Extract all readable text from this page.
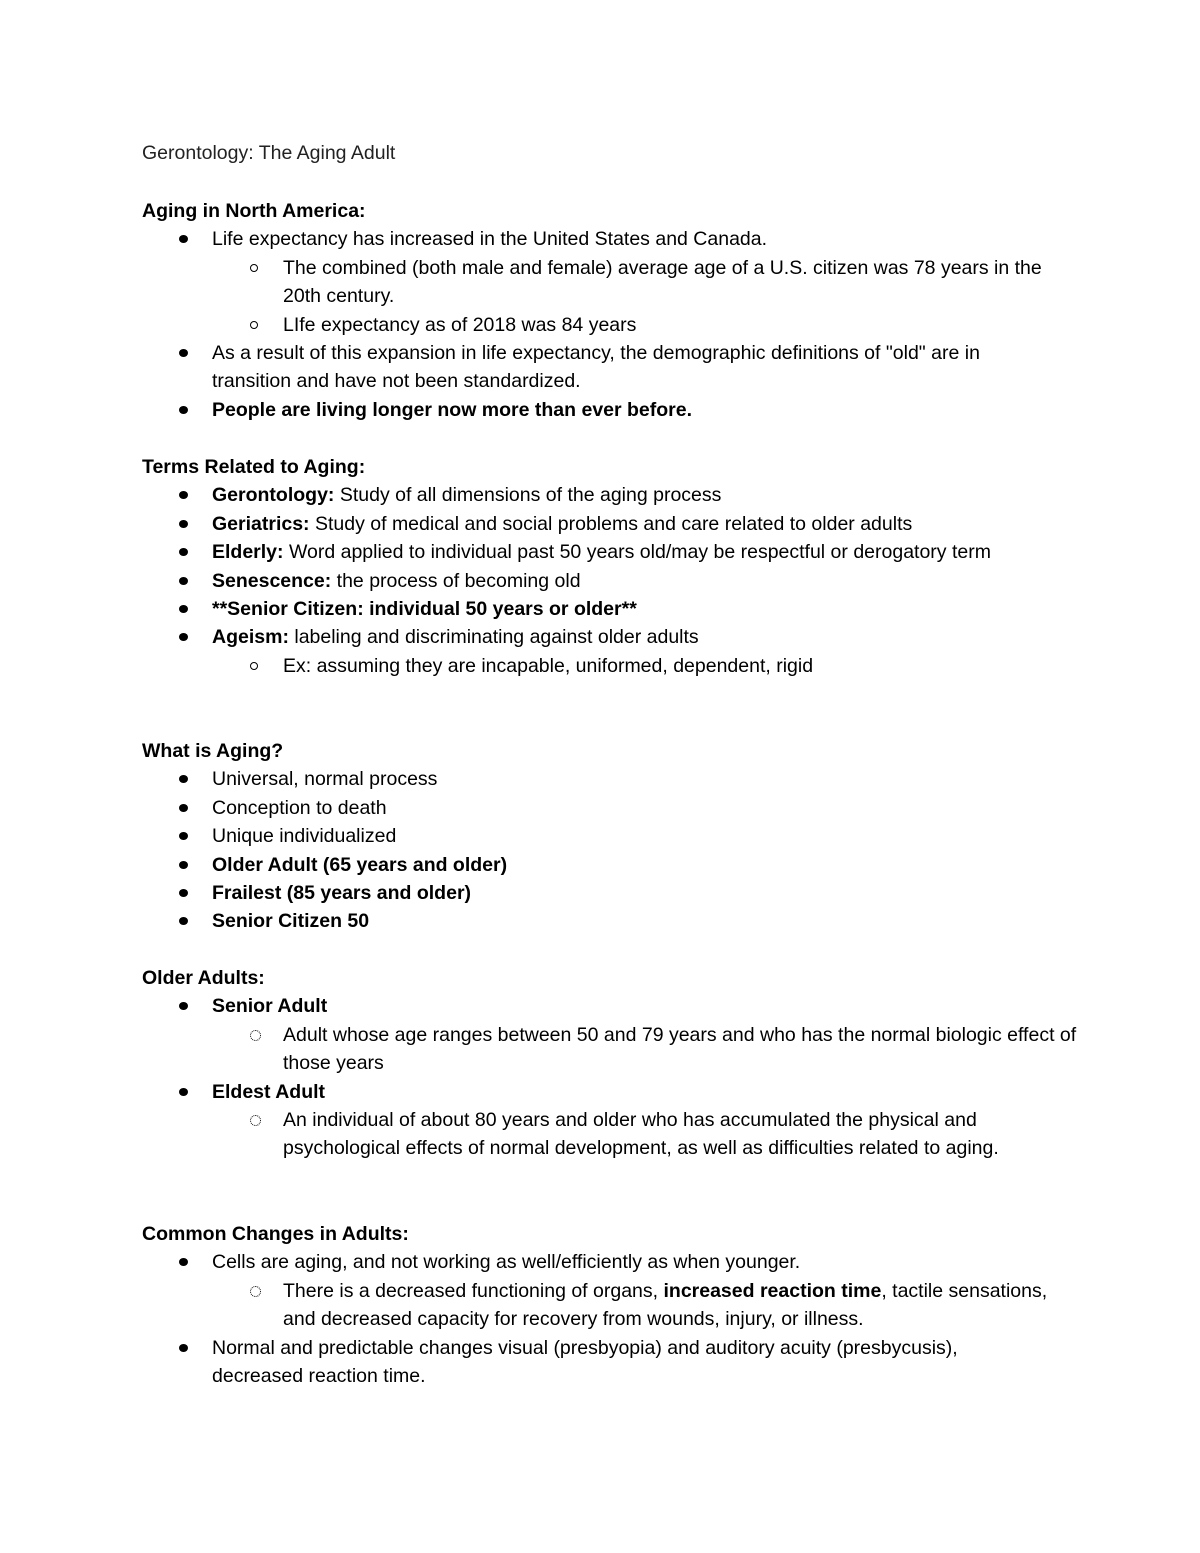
Gerontology: The Aging Adult
Aging in North America:
Life expectancy has increased in the United States and Canada.
The combined (both male and female) average age of a U.S. citizen was 78 years in the 20th century.
LIfe expectancy as of 2018 was 84 years
As a result of this expansion in life expectancy, the demographic definitions of "old" are in transition and have not been standardized.
People are living longer now more than ever before.
Terms Related to Aging:
Gerontology: Study of all dimensions of the aging process
Geriatrics: Study of medical and social problems and care related to older adults
Elderly: Word applied to individual past 50 years old/may be respectful or derogatory term
Senescence: the process of becoming old
**Senior Citizen: individual 50 years or older**
Ageism: labeling and discriminating against older adults
Ex: assuming they are incapable, uniformed, dependent, rigid
What is Aging?
Universal, normal process
Conception to death
Unique individualized
Older Adult (65 years and older)
Frailest (85 years and older)
Senior Citizen 50
Older Adults:
Senior Adult
Adult whose age ranges between 50 and 79 years and who has the normal biologic effect of those years
Eldest Adult
An individual of about 80 years and older who has accumulated the physical and psychological effects of normal development, as well as difficulties related to aging.
Common Changes in Adults:
Cells are aging, and not working as well/efficiently as when younger.
There is a decreased functioning of organs, increased reaction time, tactile sensations, and decreased capacity for recovery from wounds, injury, or illness.
Normal and predictable changes visual (presbyopia) and auditory acuity (presbycusis), decreased reaction time.
